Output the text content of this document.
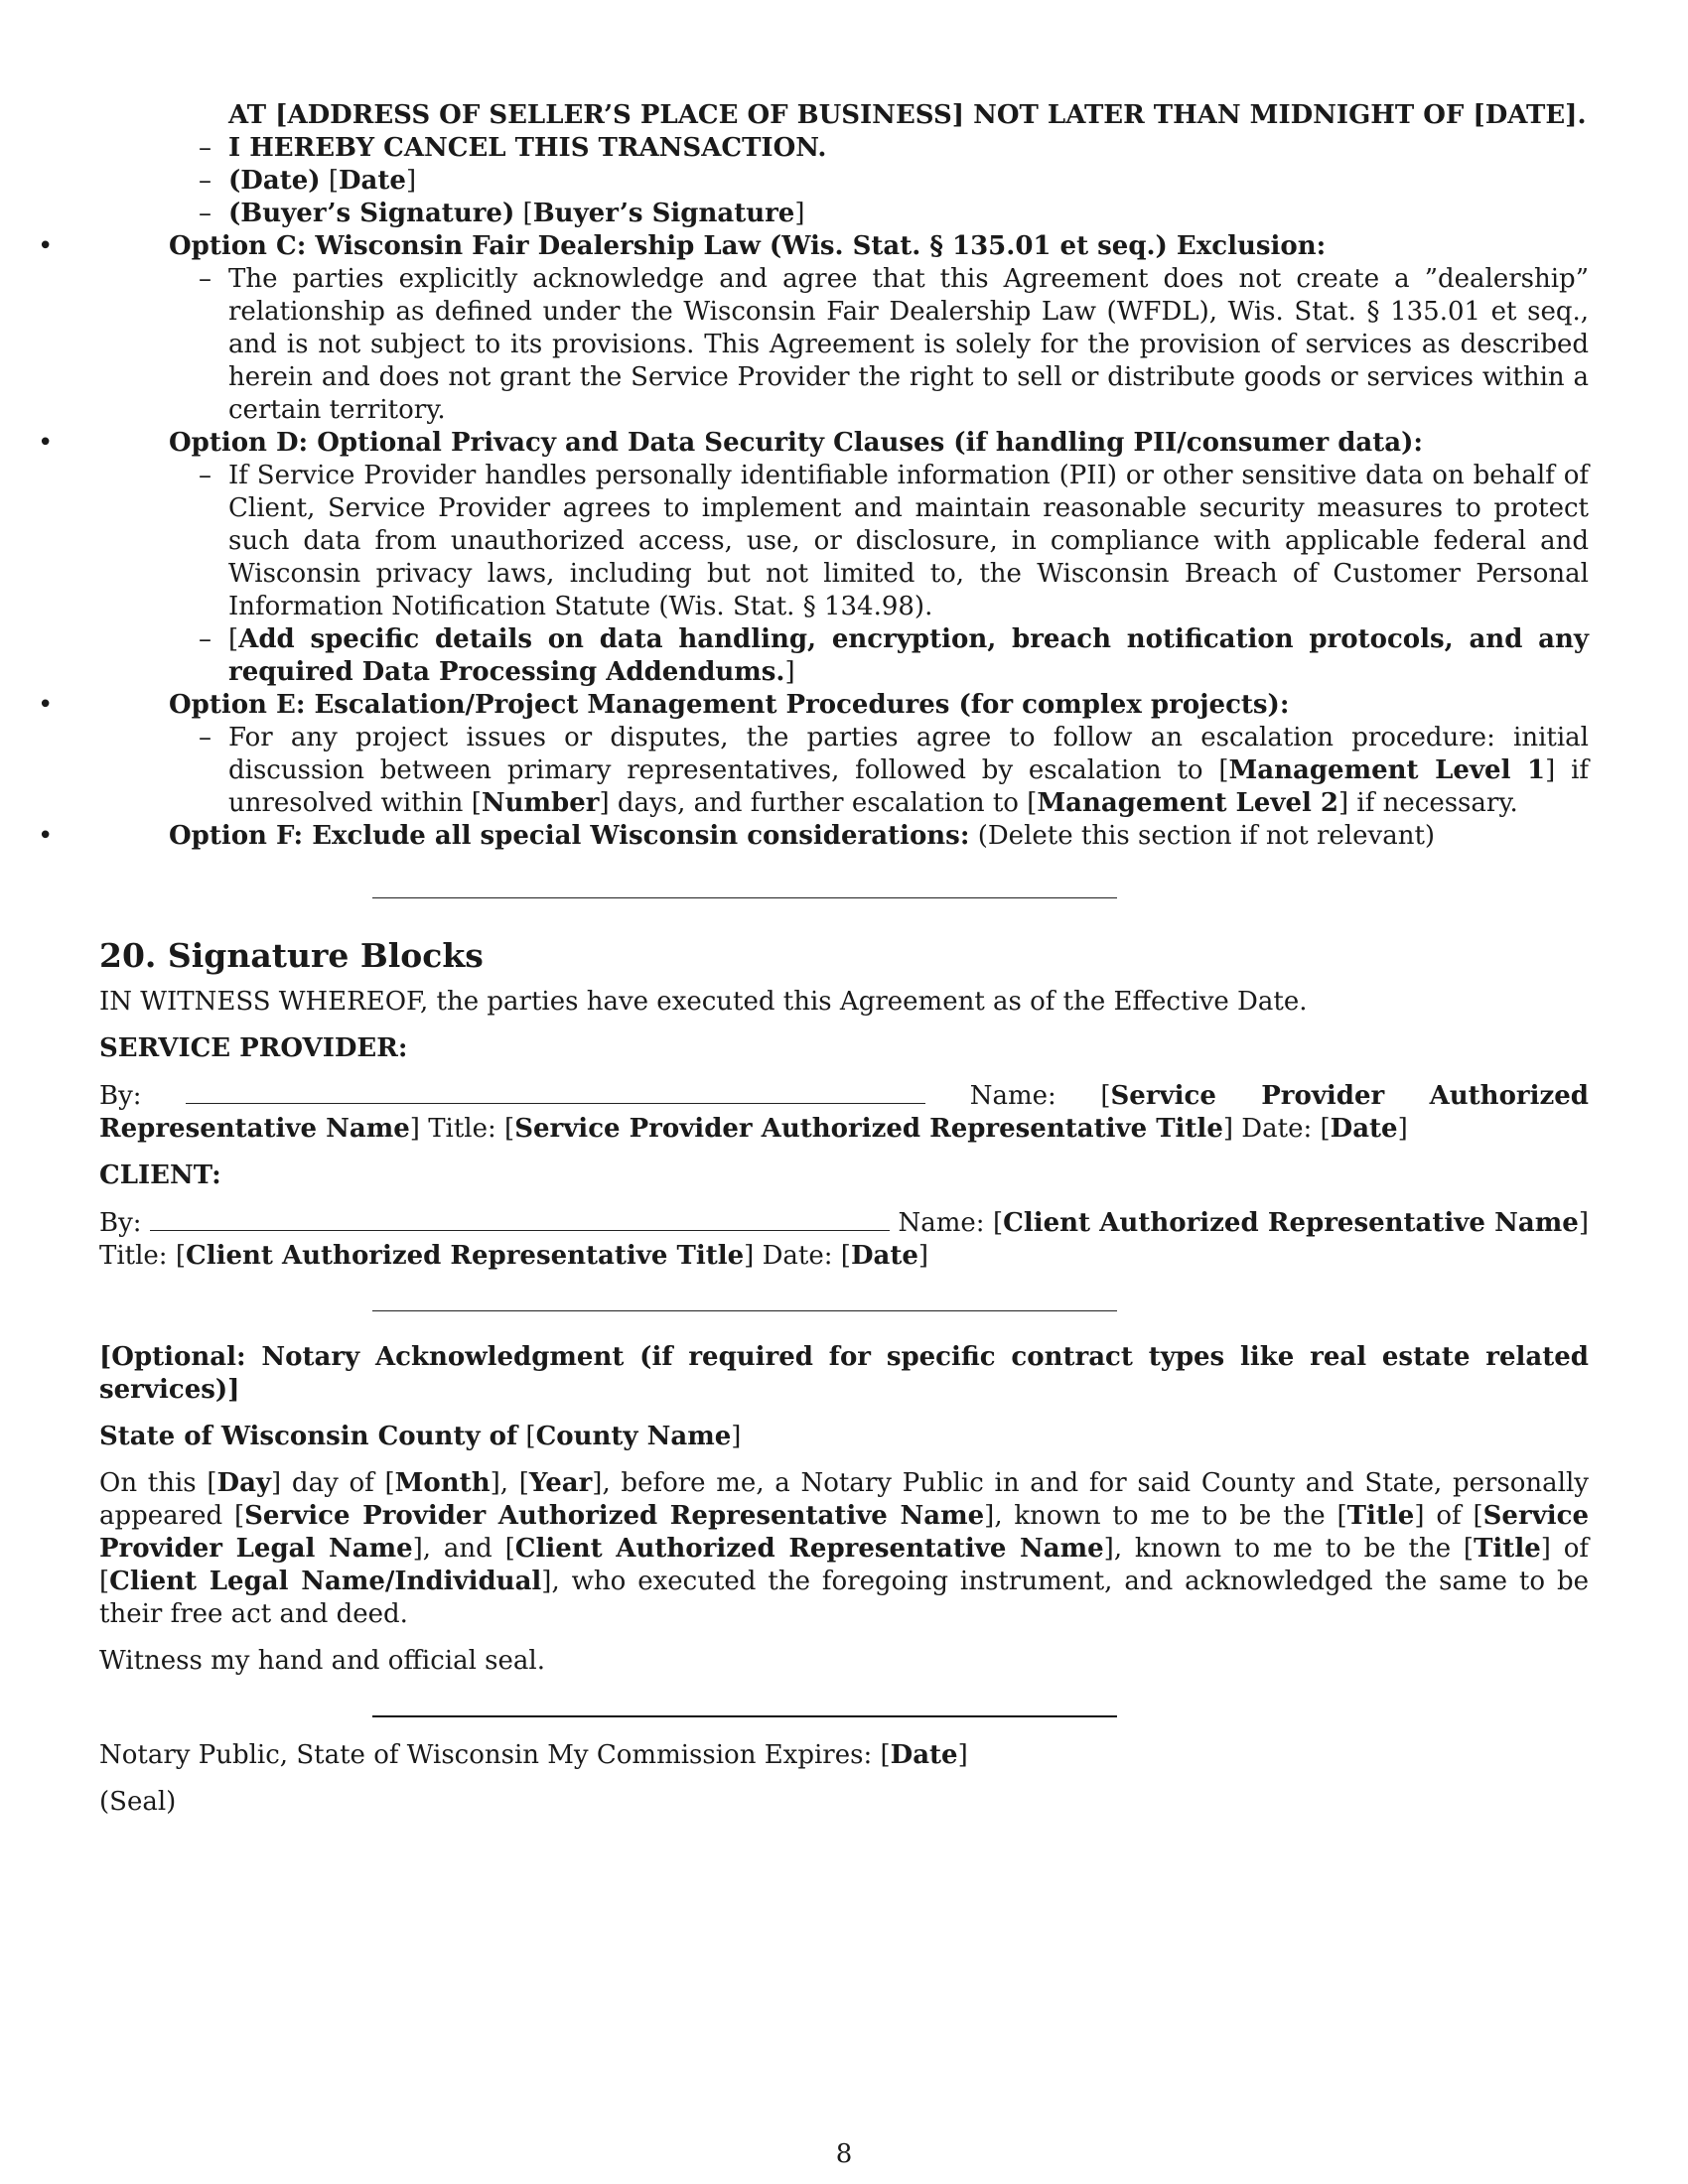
AT [ADDRESS OF SELLER’S PLACE OF BUSINESS] NOT LATER THAN MIDNIGHT OF [DATE].
– I HEREBY CANCEL THIS TRANSACTION.
– (Date) [Date]
– (Buyer’s Signature) [Buyer’s Signature]
• Option C: Wisconsin Fair Dealership Law (Wis. Stat. § 135.01 et seq.) Exclusion:
– The parties explicitly acknowledge and agree that this Agreement does not create a ”dealership” relationship as defined under the Wisconsin Fair Dealership Law (WFDL), Wis. Stat. § 135.01 et seq., and is not subject to its provisions. This Agreement is solely for the provision of services as described herein and does not grant the Service Provider the right to sell or distribute goods or services within a certain territory.
• Option D: Optional Privacy and Data Security Clauses (if handling PII/consumer data):
– If Service Provider handles personally identifiable information (PII) or other sensitive data on behalf of Client, Service Provider agrees to implement and maintain reasonable security measures to protect such data from unauthorized access, use, or disclosure, in compliance with applicable federal and Wisconsin privacy laws, including but not limited to, the Wisconsin Breach of Customer Personal Information Notification Statute (Wis. Stat. § 134.98).
– [Add specific details on data handling, encryption, breach notification protocols, and any required Data Processing Addendums.]
• Option E: Escalation/Project Management Procedures (for complex projects):
– For any project issues or disputes, the parties agree to follow an escalation procedure: initial discussion between primary representatives, followed by escalation to [Management Level 1] if unresolved within [Number] days, and further escalation to [Management Level 2] if necessary.
• Option F: Exclude all special Wisconsin considerations: (Delete this section if not relevant)
20. Signature Blocks

IN WITNESS WHEREOF, the parties have executed this Agreement as of the Effective Date.

SERVICE PROVIDER:

By:	Name: [Service Provider Authorized Representative Name] Title: [Service Provider Authorized Representative Title] Date: [Date]

CLIENT:

By:	Name: [Client Authorized Representative Name] Title: [Client Authorized Representative Title] Date: [Date]

[Optional: Notary Acknowledgment (if required for specific contract types like real estate related services)]

State of Wisconsin County of [County Name]

On this [Day] day of [Month], [Year], before me, a Notary Public in and for said County and State, personally appeared [Service Provider Authorized Representative Name], known to me to be the [Title] of [Service Provider Legal Name], and [Client Authorized Representative Name], known to me to be the [Title] of [Client Legal Name/Individual], who executed the foregoing instrument, and acknowledged the same to be their free act and deed.

Witness my hand and official seal.

Notary Public, State of Wisconsin My Commission Expires: [Date]

(Seal)

8
